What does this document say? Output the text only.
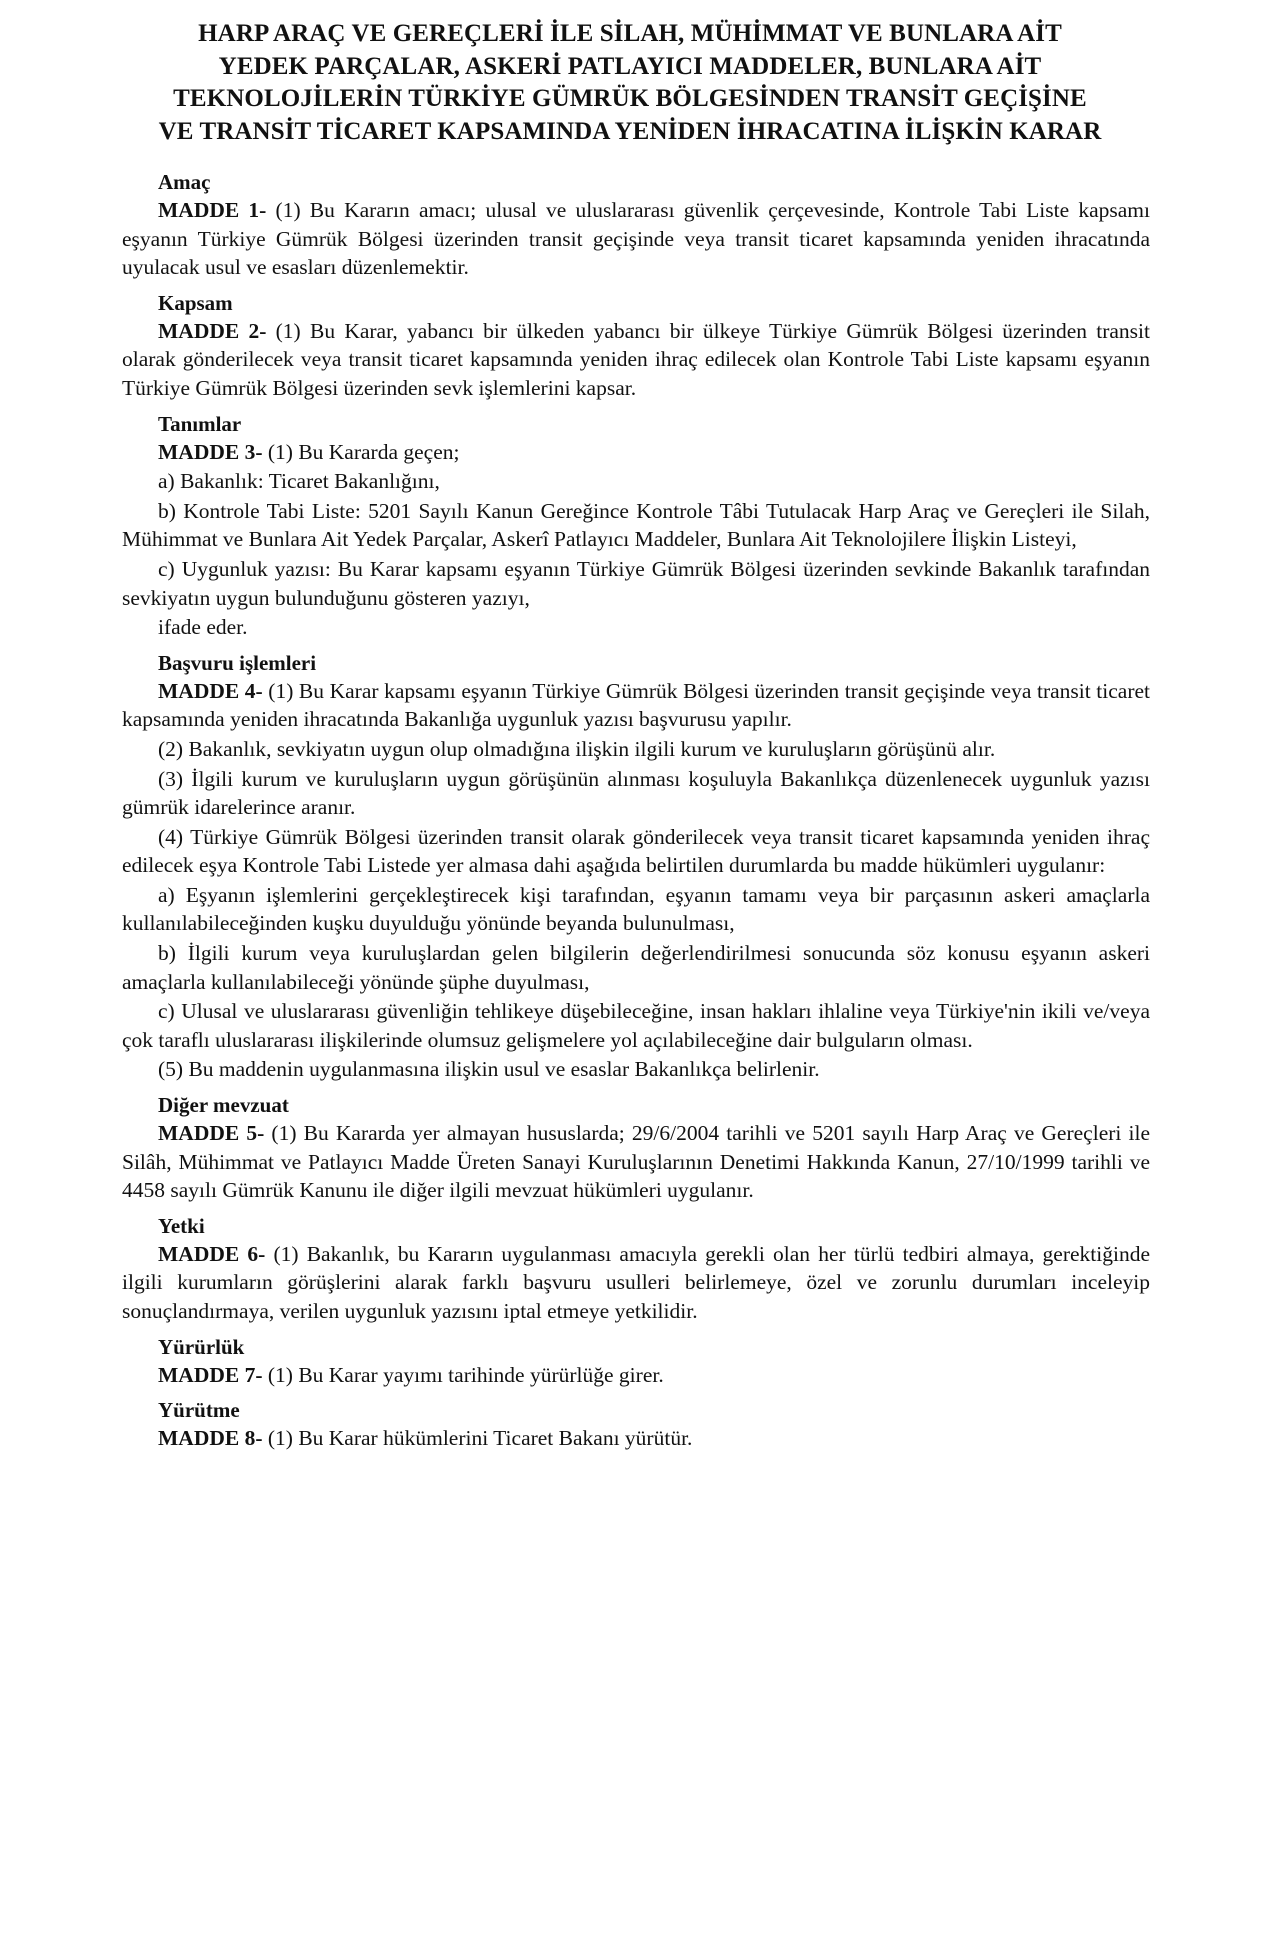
HARP ARAÇ VE GEREÇLERİ İLE SİLAH, MÜHİMMAT VE BUNLARA AİT
YEDEK PARÇALAR, ASKERİ PATLAYICI MADDELER, BUNLARA AİT
TEKNOLOJİLERİN TÜRKİYE GÜMRÜK BÖLGESİNDEN TRANSİT GEÇİŞİNE
VE TRANSİT TİCARET KAPSAMINDA YENİDEN İHRACATINA İLİŞKİN KARAR
Amaç

MADDE 1- (1) Bu Kararın amacı; ulusal ve uluslararası güvenlik çerçevesinde, Kontrole Tabi Liste kapsamı eşyanın Türkiye Gümrük Bölgesi üzerinden transit geçişinde veya transit ticaret kapsamında yeniden ihracatında uyulacak usul ve esasları düzenlemektir.

Kapsam

MADDE 2- (1) Bu Karar, yabancı bir ülkeden yabancı bir ülkeye Türkiye Gümrük Bölgesi üzerinden transit olarak gönderilecek veya transit ticaret kapsamında yeniden ihraç edilecek olan Kontrole Tabi Liste kapsamı eşyanın Türkiye Gümrük Bölgesi üzerinden sevk işlemlerini kapsar.

Tanımlar

MADDE 3- (1) Bu Kararda geçen;

a) Bakanlık: Ticaret Bakanlığını,

b) Kontrole Tabi Liste: 5201 Sayılı Kanun Gereğince Kontrole Tâbi Tutulacak Harp Araç ve Gereçleri ile Silah, Mühimmat ve Bunlara Ait Yedek Parçalar, Askerî Patlayıcı Maddeler, Bunlara Ait Teknolojilere İlişkin Listeyi,

c) Uygunluk yazısı: Bu Karar kapsamı eşyanın Türkiye Gümrük Bölgesi üzerinden sevkinde Bakanlık tarafından sevkiyatın uygun bulunduğunu gösteren yazıyı,

ifade eder.

Başvuru işlemleri

MADDE 4- (1) Bu Karar kapsamı eşyanın Türkiye Gümrük Bölgesi üzerinden transit geçişinde veya transit ticaret kapsamında yeniden ihracatında Bakanlığa uygunluk yazısı başvurusu yapılır.

(2) Bakanlık, sevkiyatın uygun olup olmadığına ilişkin ilgili kurum ve kuruluşların görüşünü alır.

(3) İlgili kurum ve kuruluşların uygun görüşünün alınması koşuluyla Bakanlıkça düzenlenecek uygunluk yazısı gümrük idarelerince aranır.

(4) Türkiye Gümrük Bölgesi üzerinden transit olarak gönderilecek veya transit ticaret kapsamında yeniden ihraç edilecek eşya Kontrole Tabi Listede yer almasa dahi aşağıda belirtilen durumlarda bu madde hükümleri uygulanır:

a) Eşyanın işlemlerini gerçekleştirecek kişi tarafından, eşyanın tamamı veya bir parçasının askeri amaçlarla kullanılabileceğinden kuşku duyulduğu yönünde beyanda bulunulması,

b) İlgili kurum veya kuruluşlardan gelen bilgilerin değerlendirilmesi sonucunda söz konusu eşyanın askeri amaçlarla kullanılabileceği yönünde şüphe duyulması,

c) Ulusal ve uluslararası güvenliğin tehlikeye düşebileceğine, insan hakları ihlaline veya Türkiye'nin ikili ve/veya çok taraflı uluslararası ilişkilerinde olumsuz gelişmelere yol açılabileceğine dair bulguların olması.

(5) Bu maddenin uygulanmasına ilişkin usul ve esaslar Bakanlıkça belirlenir.

Diğer mevzuat

MADDE 5- (1) Bu Kararda yer almayan hususlarda; 29/6/2004 tarihli ve 5201 sayılı Harp Araç ve Gereçleri ile Silâh, Mühimmat ve Patlayıcı Madde Üreten Sanayi Kuruluşlarının Denetimi Hakkında Kanun, 27/10/1999 tarihli ve 4458 sayılı Gümrük Kanunu ile diğer ilgili mevzuat hükümleri uygulanır.

Yetki

MADDE 6- (1) Bakanlık, bu Kararın uygulanması amacıyla gerekli olan her türlü tedbiri almaya, gerektiğinde ilgili kurumların görüşlerini alarak farklı başvuru usulleri belirlemeye, özel ve zorunlu durumları inceleyip sonuçlandırmaya, verilen uygunluk yazısını iptal etmeye yetkilidir.

Yürürlük

MADDE 7- (1) Bu Karar yayımı tarihinde yürürlüğe girer.

Yürütme

MADDE 8- (1) Bu Karar hükümlerini Ticaret Bakanı yürütür.
